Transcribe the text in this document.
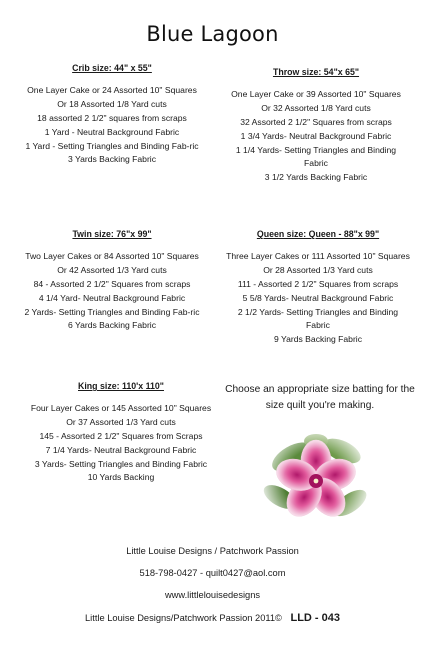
Blue Lagoon
Crib size: 44" x 55"
One Layer Cake or 24 Assorted 10" Squares
Or 18 Assorted 1/8 Yard cuts
18 assorted 2 1/2" squares from scraps
1 Yard - Neutral Background Fabric
1 Yard - Setting Triangles and Binding Fab-ric
3 Yards Backing Fabric
Throw size: 54"x 65"
One Layer Cake or 39 Assorted 10" Squares
Or 32 Assorted 1/8 Yard cuts
32 Assorted 2 1/2" Squares from scraps
1 3/4 Yards- Neutral Background Fabric
1 1/4 Yards- Setting Triangles and Binding Fabric
3 1/2 Yards Backing Fabric
Twin size: 76"x 99"
Two Layer Cakes or 84 Assorted 10" Squares
Or 42 Assorted 1/3 Yard cuts
84 - Assorted 2 1/2" Squares from scraps
4 1/4 Yard- Neutral Background Fabric
2 Yards- Setting Triangles and Binding Fab-ric
6 Yards Backing Fabric
Queen size: Queen - 88"x 99"
Three Layer Cakes or 111 Assorted 10" Squares
Or 28 Assorted 1/3 Yard cuts
111 - Assorted 2 1/2" Squares from scraps
5 5/8 Yards- Neutral Background Fabric
2 1/2 Yards- Setting Triangles and Binding Fabric
9 Yards Backing Fabric
King size: 110'x 110"
Four Layer Cakes or 145 Assorted 10" Squares
Or 37 Assorted 1/3 Yard cuts
145 - Assorted 2 1/2" Squares from Scraps
7 1/4 Yards- Neutral Background Fabric
3 Yards- Setting Triangles and Binding Fabric
10 Yards Backing
Choose an appropriate size batting for the size quilt you're making.
Little Louise Designs / Patchwork Passion
518-798-0427 - quilt0427@aol.com
www.littlelouisedesigns
Little Louise Designs/Patchwork Passion 2011© LLD - 043
